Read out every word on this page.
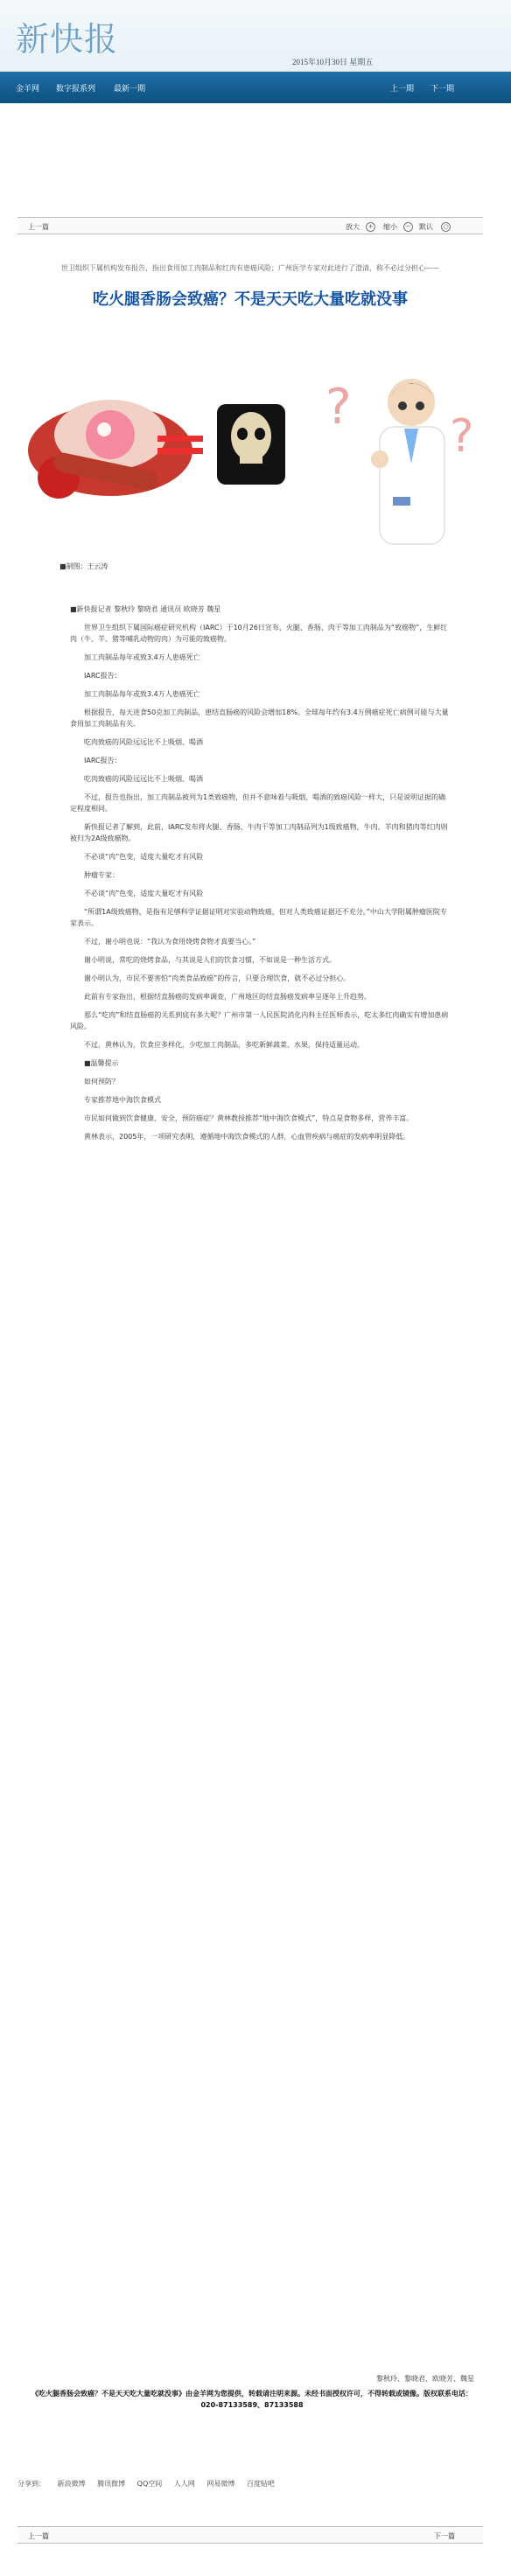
新快报
2015年10月30日 星期五
金羊网 数字报系列 最新一期	上一期 下一期
上一篇	放大	+	缩小	−	默认	○
世卫组织下属机构发布报告，指出食用加工肉制品和红肉有患癌风险；广州医学专家对此进行了澄清，称不必过分担心——
吃火腿香肠会致癌？不是天天吃大量吃就没事
?
?
■制图：王云涛

■新快报记者 黎秋玲 黎晓君 通讯员 欧晓芳 魏星

世界卫生组织下属国际癌症研究机构（IARC）于10月26日宣布，火腿、香肠、肉干等加工肉制品为“致癌物”，生鲜红肉（牛、羊、猪等哺乳动物的肉）为可能的致癌物。

加工肉制品每年或致3.4万人患癌死亡

IARC报告：

加工肉制品每年或致3.4万人患癌死亡

根据报告，每天进食50克加工肉制品，患结直肠癌的风险会增加18%。全球每年约有3.4万例癌症死亡病例可能与大量食用加工肉制品有关。

吃肉致癌的风险远远比不上吸烟、喝酒

IARC报告：

吃肉致癌的风险远远比不上吸烟、喝酒

不过，报告也指出，加工肉制品被列为1类致癌物，但并不意味着与吸烟、喝酒的致癌风险一样大，只是说明证据的确定程度相同。

新快报记者了解到，此前，IARC发布将火腿、香肠、牛肉干等加工肉制品列为1级致癌物，牛肉、羊肉和猪肉等红肉则被归为2A级致癌物。

不必谈“肉”色变，适度大量吃才有风险

肿瘤专家：

不必谈“肉”色变，适度大量吃才有风险

“所谓1A级致癌物，是指有足够科学证据证明对实验动物致癌，但对人类致癌证据还不充分。”中山大学附属肿瘤医院专家表示。

不过，谢小明也说：“我认为食用烧烤食物才真要当心。”

谢小明说，常吃的烧烤食品，与其说是人们的饮食习惯，不如说是一种生活方式。

谢小明认为，市民不要害怕“肉类食品致癌”的传言，只要合理饮食，就不必过分担心。

此前有专家指出，根据结直肠癌的发病率调查，广州地区的结直肠癌发病率呈逐年上升趋势。

那么“吃肉”和结直肠癌的关系到底有多大呢？广州市第一人民医院消化内科主任医师表示，吃太多红肉确实有增加患病风险。

不过，黄林认为，饮食应多样化，少吃加工肉制品，多吃新鲜蔬菜、水果，保持适量运动。

■温馨提示

如何预防？

专家推荐地中海饮食模式

市民如何做到饮食健康、安全，预防癌症？黄林教授推荐“地中海饮食模式”，特点是食物多样，营养丰富。

黄林表示，2005年，一项研究表明，遵循地中海饮食模式的人群，心血管疾病与癌症的发病率明显降低。

黎秋玲、黎晓君、欧晓芳、魏星
《吃火腿香肠会致癌？不是天天吃大量吃就没事》由金羊网为您提供，转载请注明来源。未经书面授权许可，不得转载或镜像。版权联系电话：020-87133589、87133588
分享到： 新浪微博 腾讯微博 QQ空间 人人网 网易微博 百度贴吧
上一篇	下一篇
